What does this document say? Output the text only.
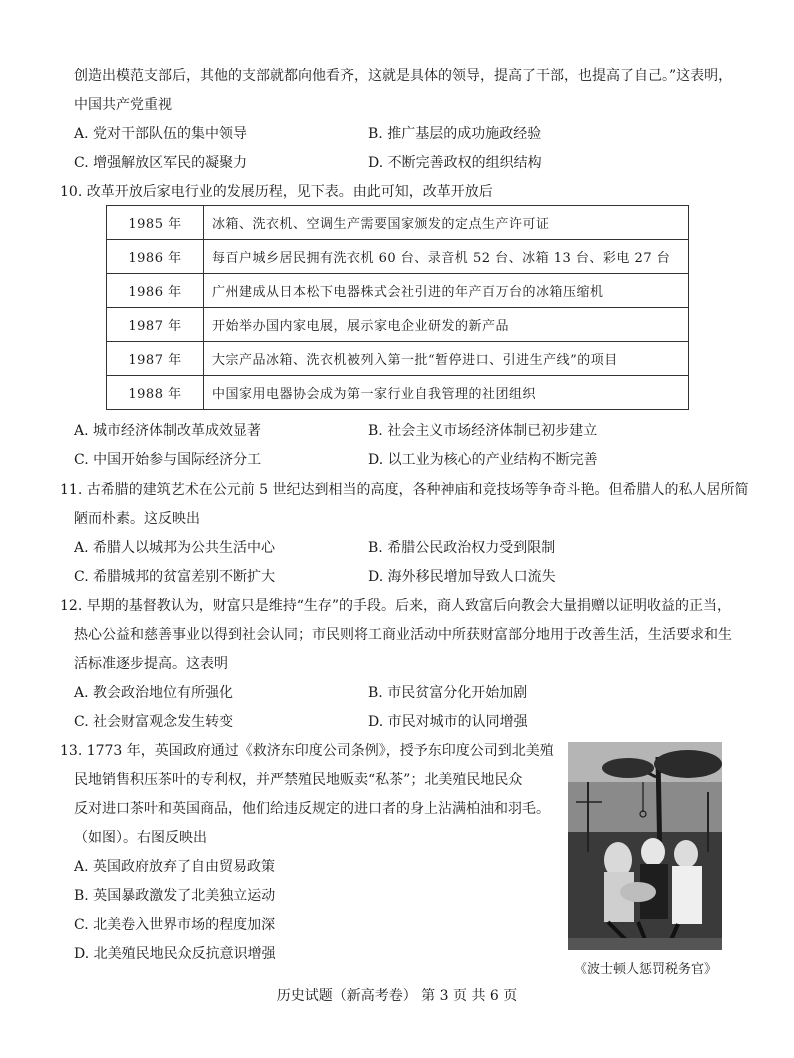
创造出模范支部后，其他的支部就都向他看齐，这就是具体的领导，提高了干部，也提高了自己。”这表明，
中国共产党重视
A. 党对干部队伍的集中领导	B. 推广基层的成功施政经验
C. 增强解放区军民的凝聚力	D. 不断完善政权的组织结构
10. 改革开放后家电行业的发展历程，见下表。由此可知，改革开放后
1985 年	冰箱、洗衣机、空调生产需要国家颁发的定点生产许可证
1986 年	每百户城乡居民拥有洗衣机 60 台、录音机 52 台、冰箱 13 台、彩电 27 台
1986 年	广州建成从日本松下电器株式会社引进的年产百万台的冰箱压缩机
1987 年	开始举办国内家电展，展示家电企业研发的新产品
1987 年	大宗产品冰箱、洗衣机被列入第一批“暂停进口、引进生产线”的项目
1988 年	中国家用电器协会成为第一家行业自我管理的社团组织
A. 城市经济体制改革成效显著	B. 社会主义市场经济体制已初步建立
C. 中国开始参与国际经济分工	D. 以工业为核心的产业结构不断完善
11. 古希腊的建筑艺术在公元前 5 世纪达到相当的高度，各种神庙和竞技场等争奇斗艳。但希腊人的私人居所简
陋而朴素。这反映出
A. 希腊人以城邦为公共生活中心	B. 希腊公民政治权力受到限制
C. 希腊城邦的贫富差别不断扩大	D. 海外移民增加导致人口流失
12. 早期的基督教认为，财富只是维持“生存”的手段。后来，商人致富后向教会大量捐赠以证明收益的正当，
热心公益和慈善事业以得到社会认同；市民则将工商业活动中所获财富部分地用于改善生活，生活要求和生
活标准逐步提高。这表明
A. 教会政治地位有所强化	B. 市民贫富分化开始加剧
C. 社会财富观念发生转变	D. 市民对城市的认同增强
13. 1773 年，英国政府通过《救济东印度公司条例》，授予东印度公司到北美殖
民地销售积压茶叶的专利权，并严禁殖民地贩卖“私茶”；北美殖民地民众
反对进口茶叶和英国商品，他们给违反规定的进口者的身上沾满柏油和羽毛。
（如图）。右图反映出
A. 英国政府放弃了自由贸易政策
B. 英国暴政激发了北美独立运动
C. 北美卷入世界市场的程度加深
D. 北美殖民地民众反抗意识增强
《波士顿人惩罚税务官》
历史试题（新高考卷） 第 3 页 共 6 页
